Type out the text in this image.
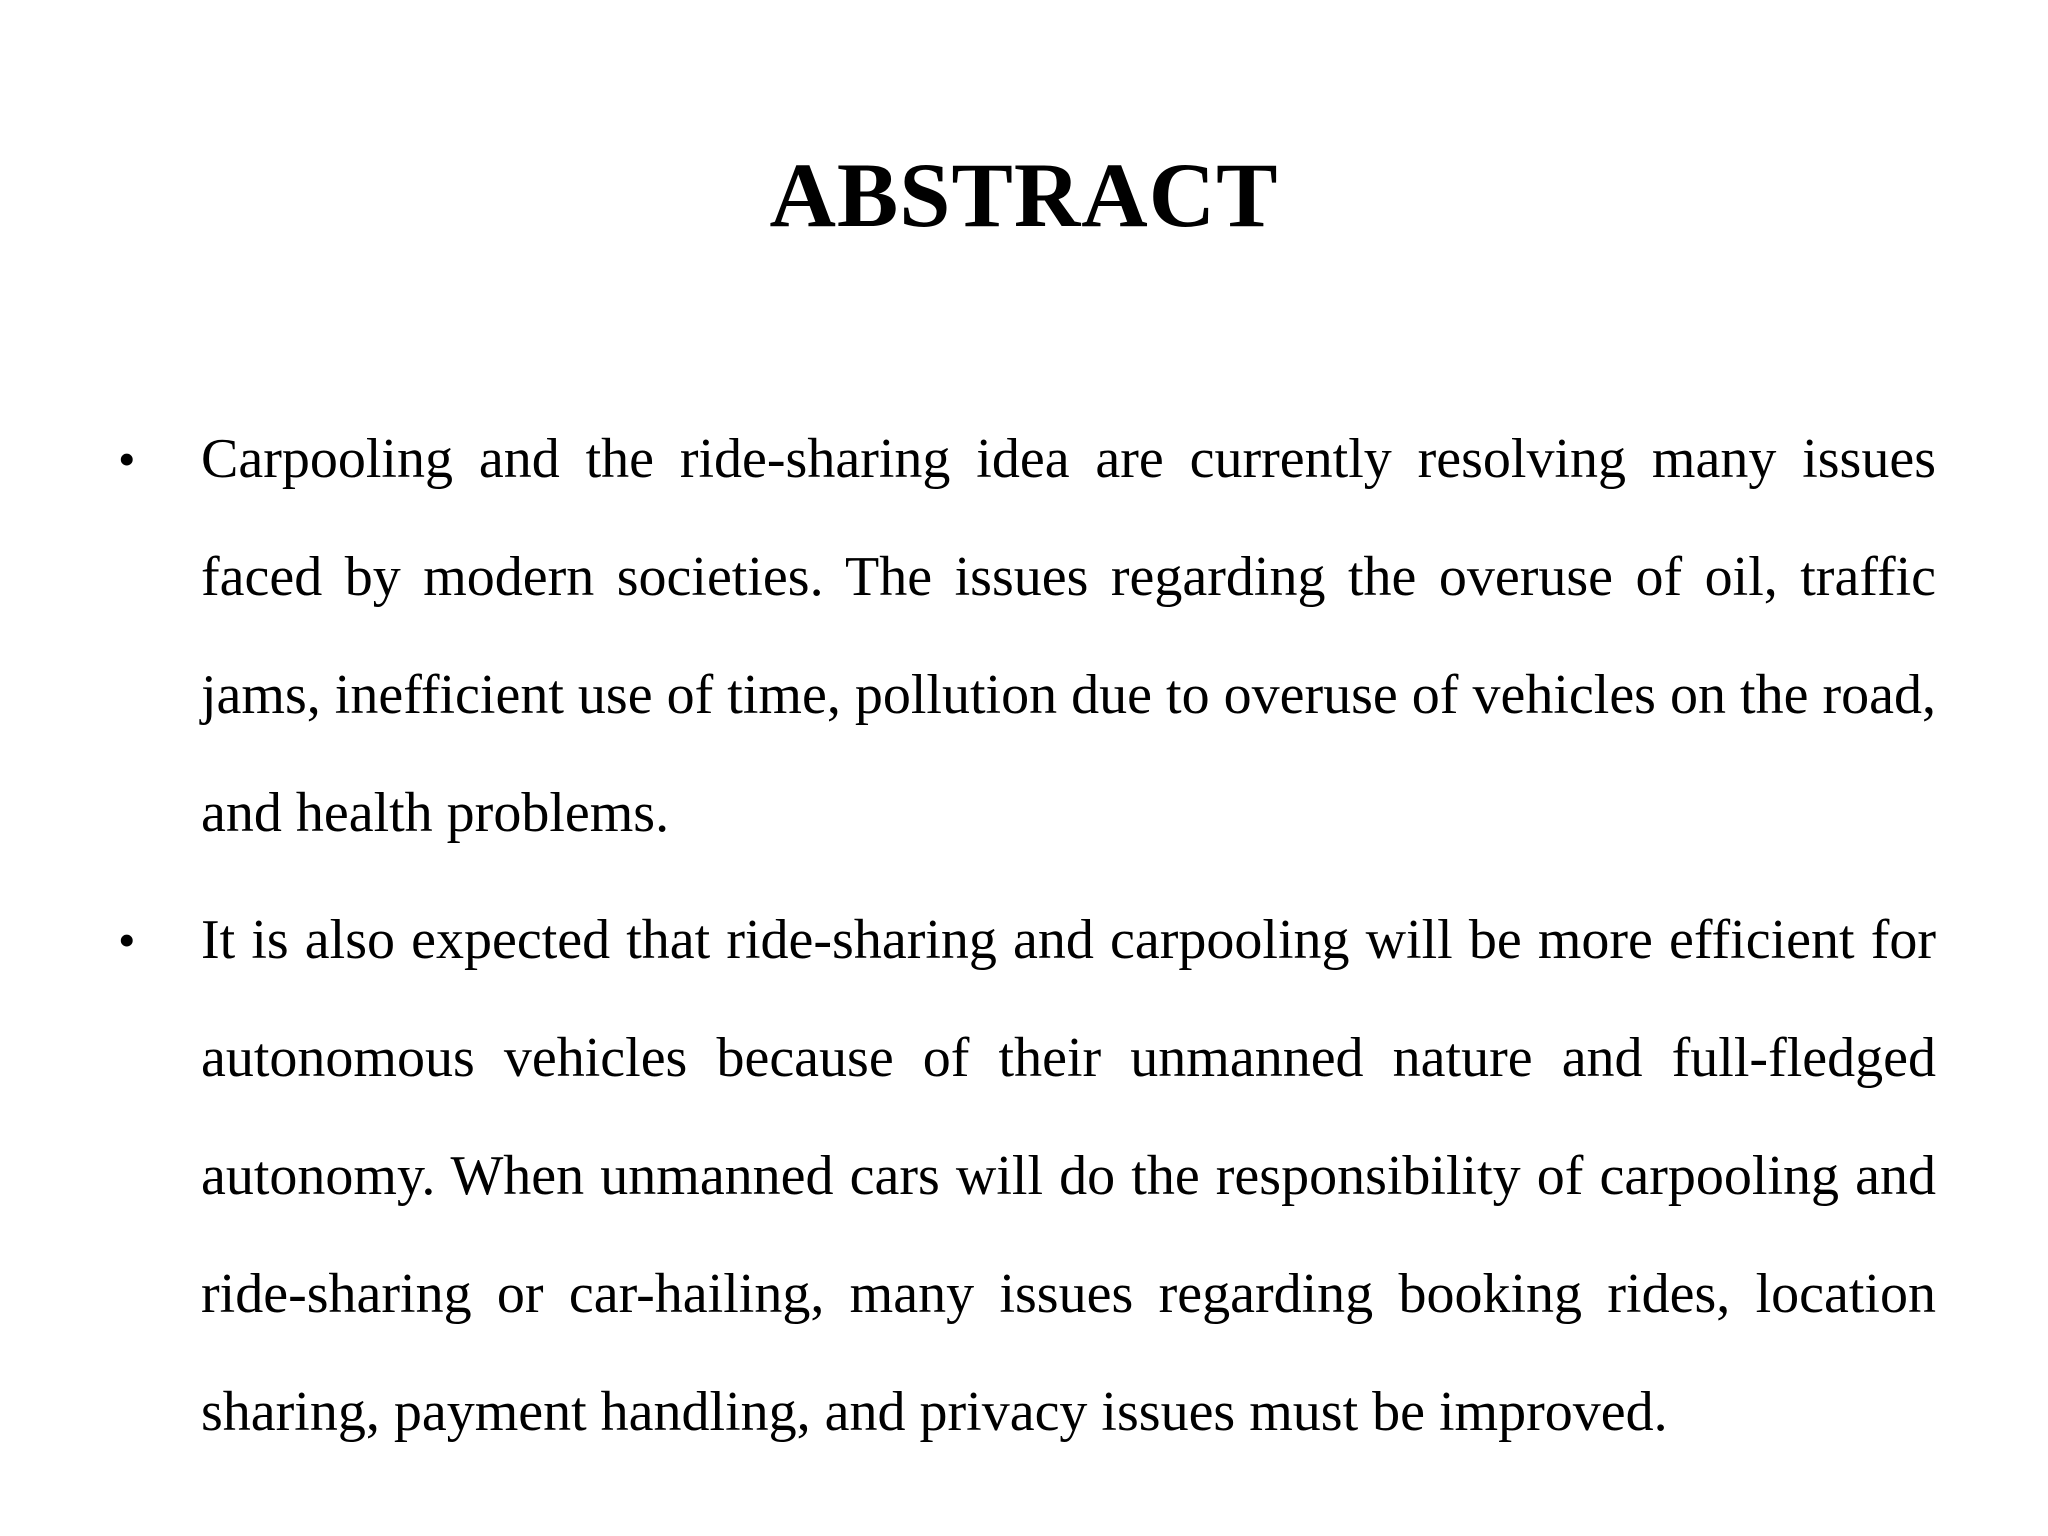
ABSTRACT
• Carpooling and the ride-sharing idea are currently resolving many issues faced by modern societies. The issues regarding the overuse of oil, traffic jams, inefficient use of time, pollution due to overuse of vehicles on the road, and health problems.

• It is also expected that ride-sharing and carpooling will be more efficient for autonomous vehicles because of their unmanned nature and full-fledged autonomy. When unmanned cars will do the responsibility of carpooling and ride-sharing or car-hailing, many issues regarding booking rides, location sharing, payment handling, and privacy issues must be improved.
